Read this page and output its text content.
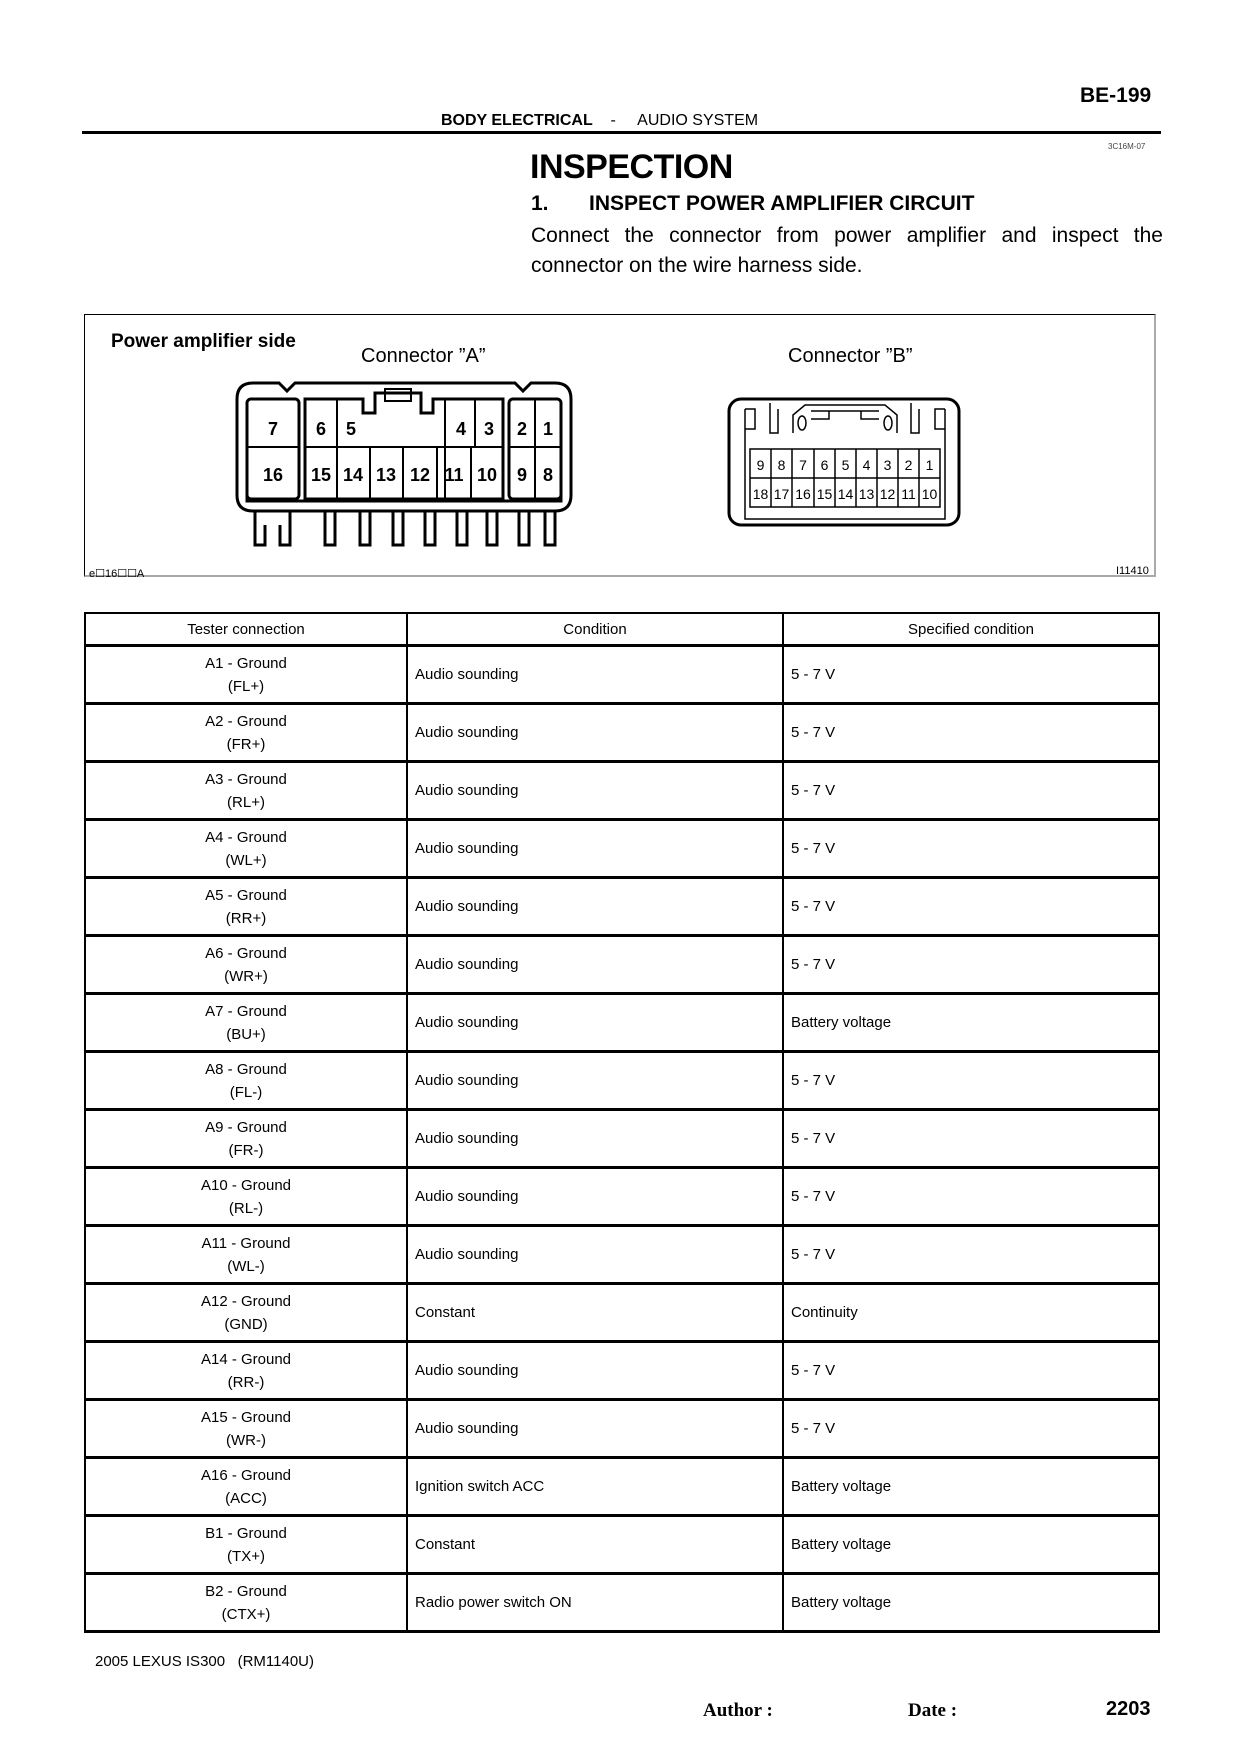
BE-199
BODY ELECTRICAL - AUDIO SYSTEM
3C16M-07
INSPECTION
1. INSPECT POWER AMPLIFIER CIRCUIT
Connect the connector from power amplifier and inspect the connector on the wire harness side.
Power amplifier side
Connector ”A”	Connector ”B”
7 6 5	4 3 2 1
16 15 14 13 12 11 10 9 8	9 8 7 6 5 4 3 2 1
18 17 16 15 14 13 12 11 10
e☐16☐☐A	I11410
Tester connection	Condition	Specified condition

A1 - Ground
(FL+)	Audio sounding	5 - 7 V

A2 - Ground
(FR+)	Audio sounding	5 - 7 V

A3 - Ground
(RL+)	Audio sounding	5 - 7 V

A4 - Ground
(WL+)	Audio sounding	5 - 7 V

A5 - Ground
(RR+)	Audio sounding	5 - 7 V

A6 - Ground
(WR+)	Audio sounding	5 - 7 V

A7 - Ground
(BU+)	Audio sounding	Battery voltage

A8 - Ground
(FL-)	Audio sounding	5 - 7 V

A9 - Ground
(FR-)	Audio sounding	5 - 7 V

A10 - Ground
(RL-)	Audio sounding	5 - 7 V

A11 - Ground
(WL-)	Audio sounding	5 - 7 V

A12 - Ground
(GND)	Constant	Continuity

A14 - Ground
(RR-)	Audio sounding	5 - 7 V

A15 - Ground
(WR-)	Audio sounding	5 - 7 V

A16 - Ground
(ACC)	Ignition switch ACC	Battery voltage

B1 - Ground
(TX+)	Constant	Battery voltage

B2 - Ground
(CTX+)	Radio power switch ON	Battery voltage
2005 LEXUS IS300   (RM1140U)
Author :	Date :	2203
